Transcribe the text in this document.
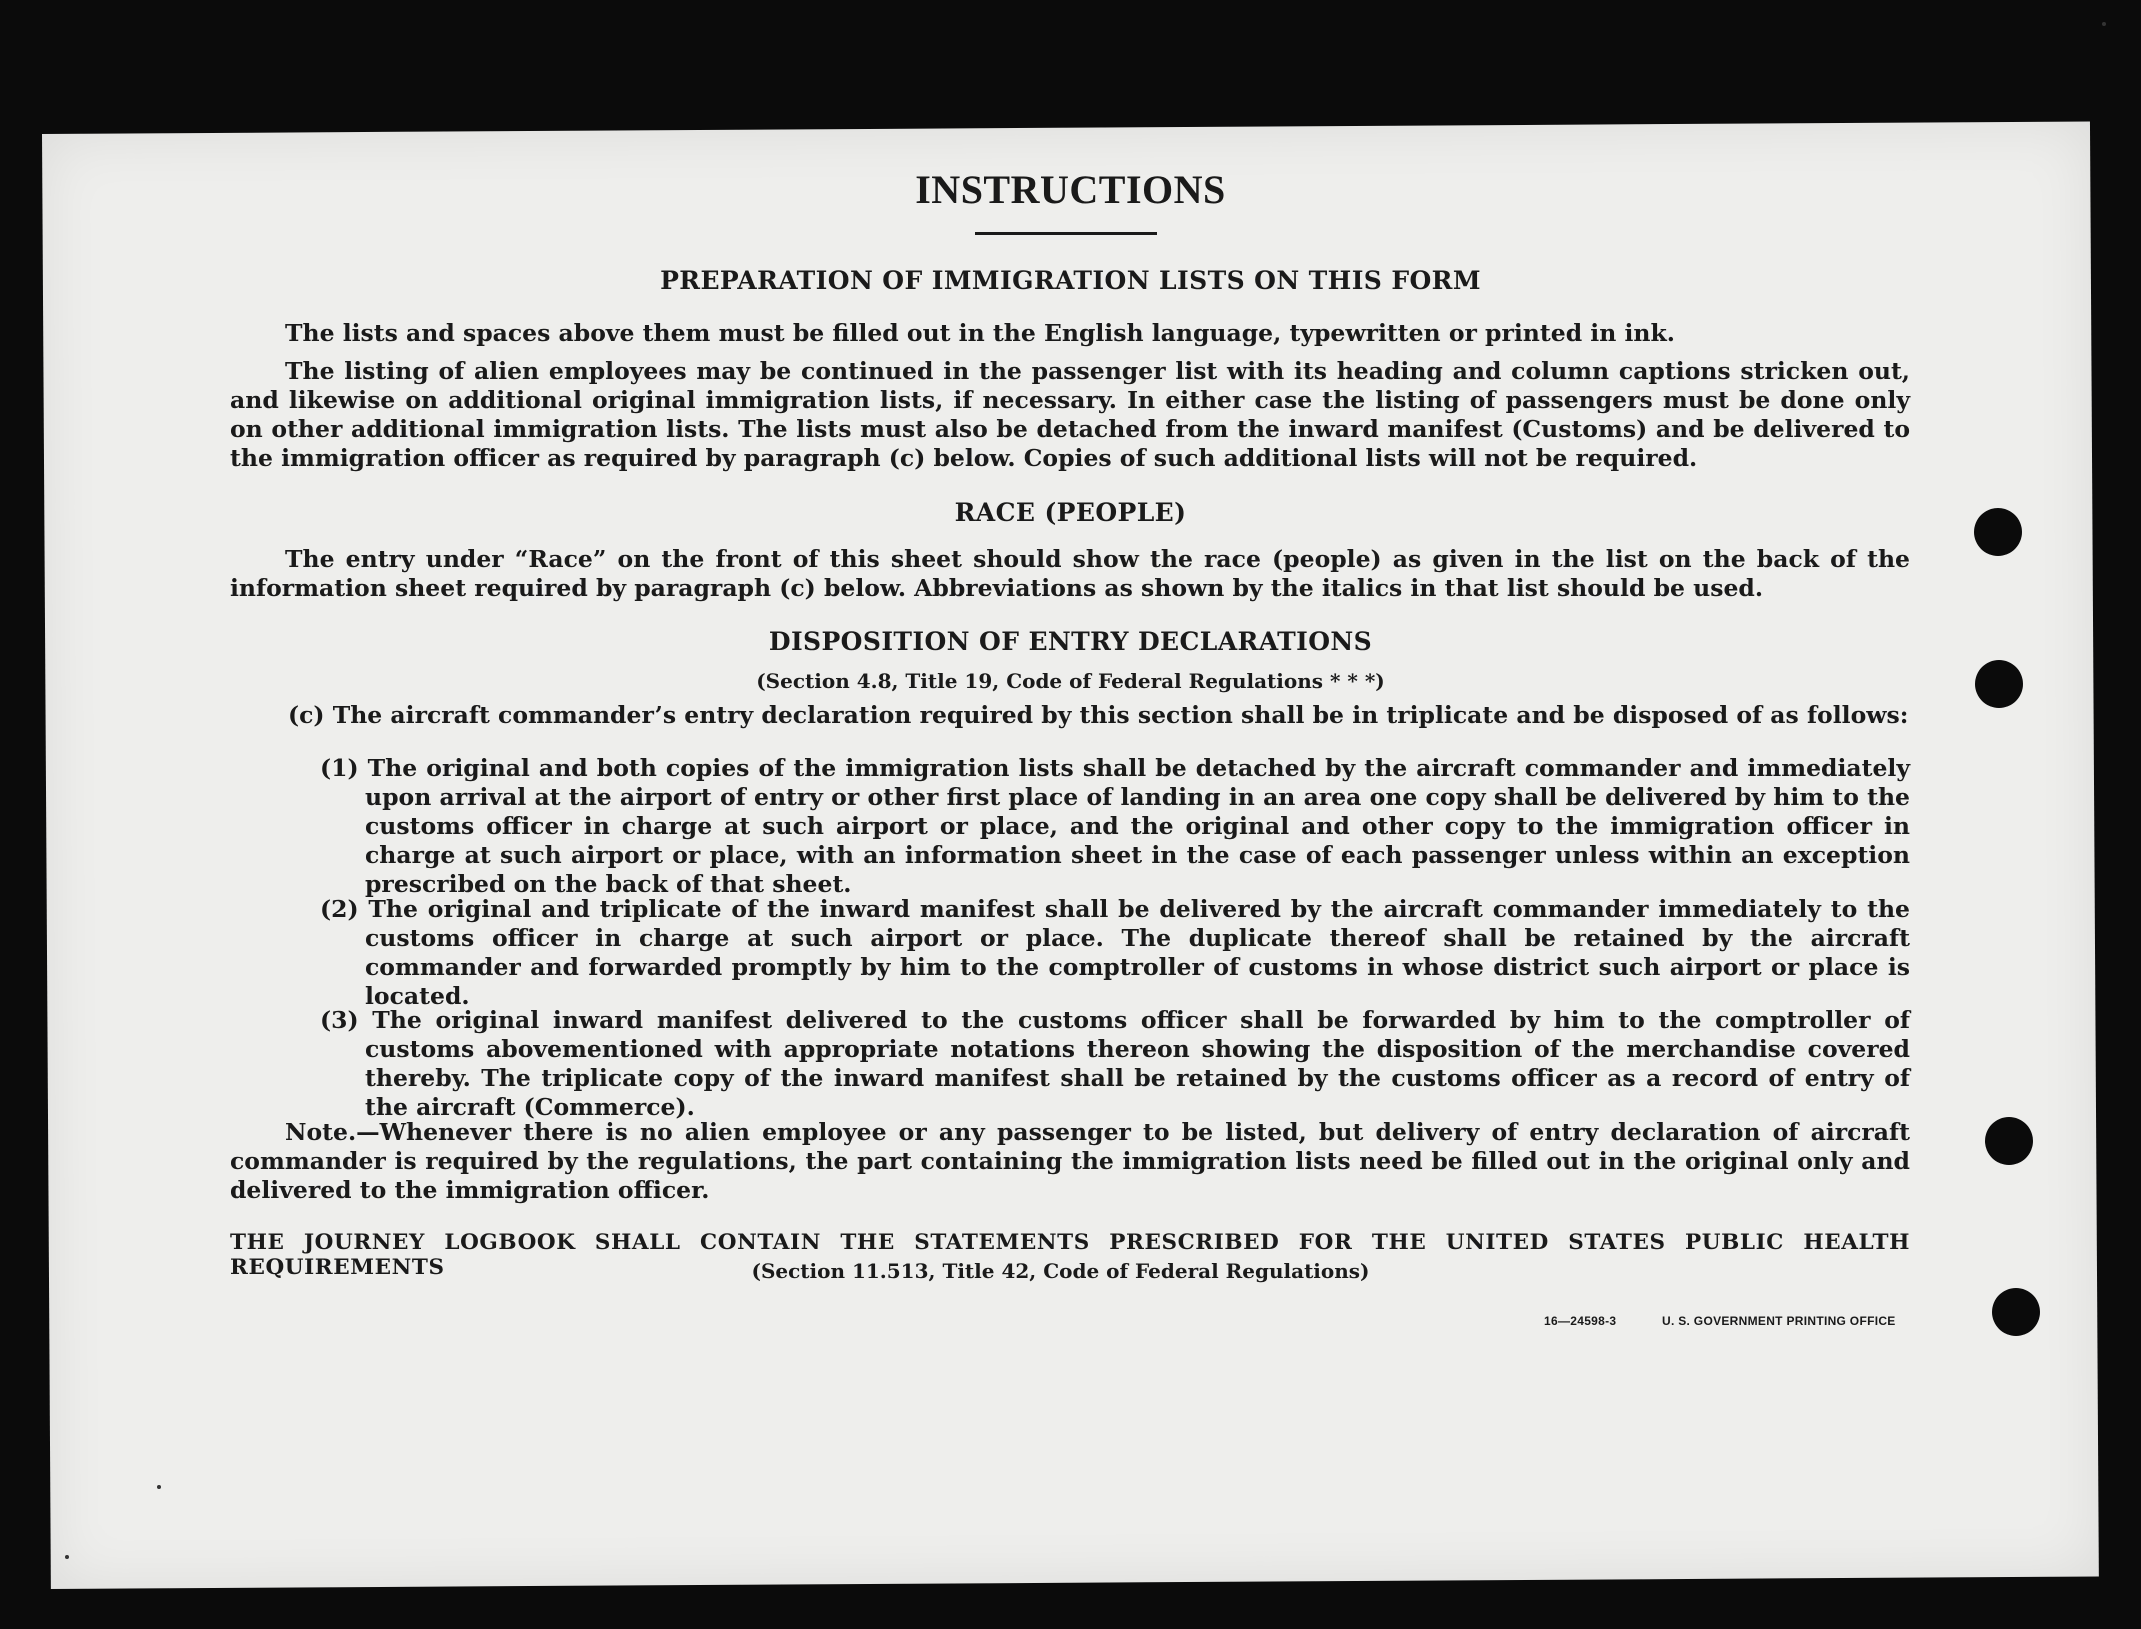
INSTRUCTIONS
PREPARATION OF IMMIGRATION LISTS ON THIS FORM
The lists and spaces above them must be filled out in the English language, typewritten or printed in ink.
The listing of alien employees may be continued in the passenger list with its heading and column captions stricken out, and likewise on additional original immigration lists, if necessary. In either case the listing of passengers must be done only on other additional immigration lists. The lists must also be detached from the inward manifest (Customs) and be delivered to the immigration officer as required by paragraph (c) below. Copies of such additional lists will not be required.
RACE (PEOPLE)
The entry under “Race” on the front of this sheet should show the race (people) as given in the list on the back of the information sheet required by paragraph (c) below. Abbreviations as shown by the italics in that list should be used.
DISPOSITION OF ENTRY DECLARATIONS
(Section 4.8, Title 19, Code of Federal Regulations * * *)
(c) The aircraft commander’s entry declaration required by this section shall be in triplicate and be disposed of as follows:
(1) The original and both copies of the immigration lists shall be detached by the aircraft commander and immediately upon arrival at the airport of entry or other first place of landing in an area one copy shall be delivered by him to the customs officer in charge at such airport or place, and the original and other copy to the immigration officer in charge at such airport or place, with an information sheet in the case of each passenger unless within an exception prescribed on the back of that sheet.
(2) The original and triplicate of the inward manifest shall be delivered by the aircraft commander immediately to the customs officer in charge at such airport or place. The duplicate thereof shall be retained by the aircraft commander and forwarded promptly by him to the comptroller of customs in whose district such airport or place is located.
(3) The original inward manifest delivered to the customs officer shall be forwarded by him to the comptroller of customs abovementioned with appropriate notations thereon showing the disposition of the merchandise covered thereby. The triplicate copy of the inward manifest shall be retained by the customs officer as a record of entry of the aircraft (Commerce).
Note.—Whenever there is no alien employee or any passenger to be listed, but delivery of entry declaration of aircraft commander is required by the regulations, the part containing the immigration lists need be filled out in the original only and delivered to the immigration officer.
THE JOURNEY LOGBOOK SHALL CONTAIN THE STATEMENTS PRESCRIBED FOR THE UNITED STATES PUBLIC HEALTH REQUIREMENTS	(Section 11.513, Title 42, Code of Federal Regulations)
16—24598-3	U. S. GOVERNMENT PRINTING OFFICE
